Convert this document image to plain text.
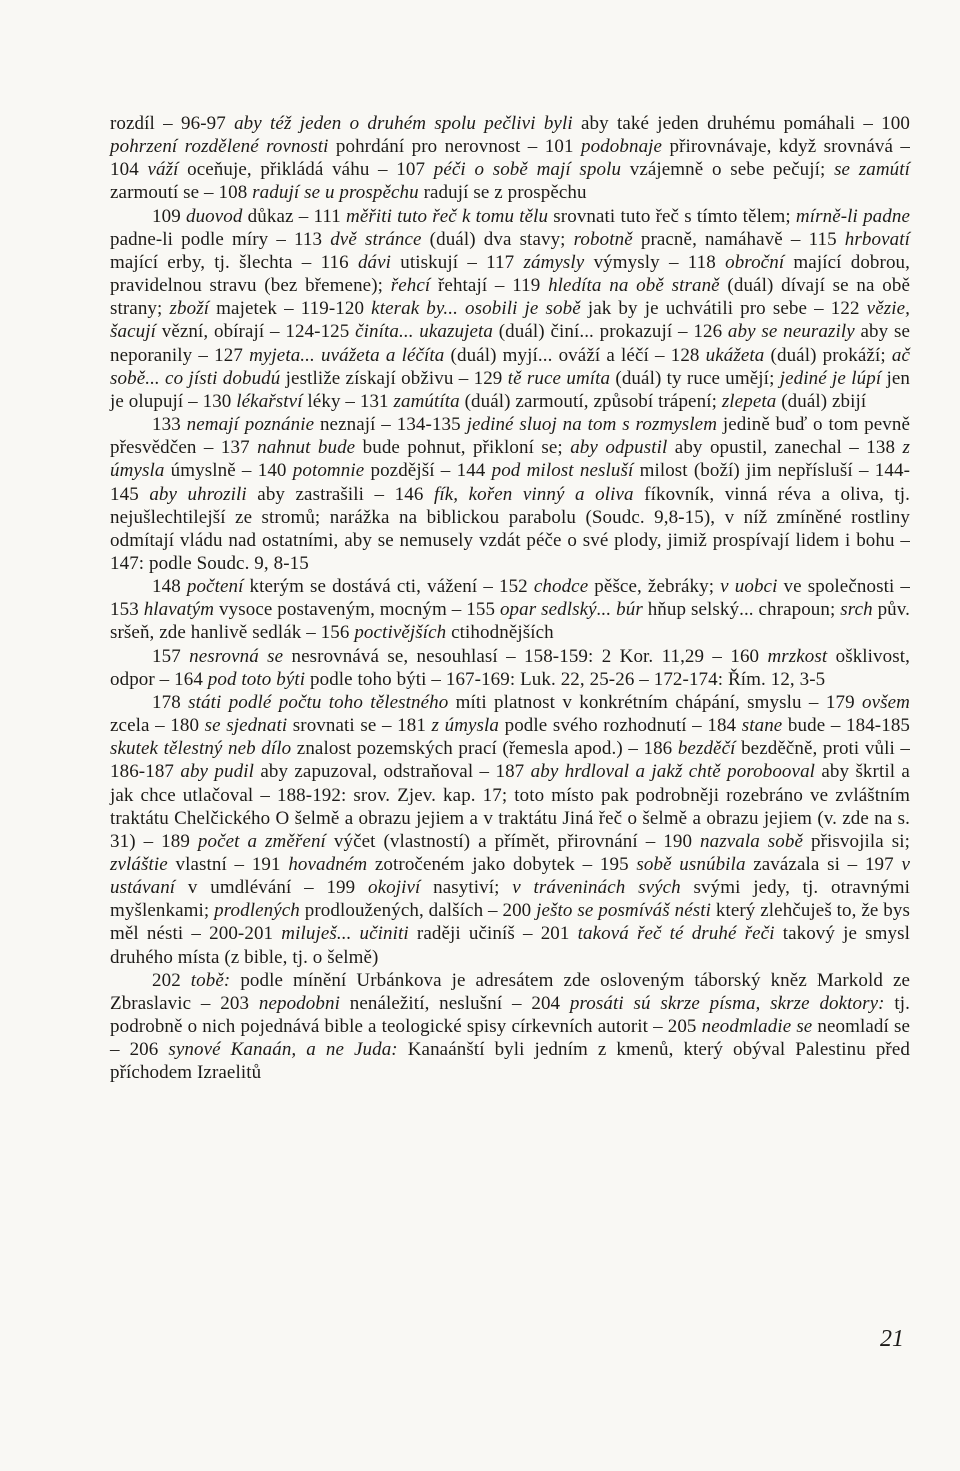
rozdíl – 96-97 aby též jeden o druhém spolu pečlivi byli aby také jeden druhému pomáhali – 100 pohrzení rozdělené rovnosti pohrdání pro nerovnost – 101 podobnaje přirovnávaje, když srovnává – 104 váží oceňuje, přikládá váhu – 107 péči o sobě mají spolu vzájemně o sebe pečují; se zamútí zarmoutí se – 108 radují se u prospěchu radují se z prospěchu

109 duovod důkaz – 111 měřiti tuto řeč k tomu tělu srovnati tuto řeč s tímto tělem; mírně-li padne padne-li podle míry – 113 dvě stránce (duál) dva stavy; robotně pracně, namáhavě – 115 hrbovatí mající erby, tj. šlechta – 116 dávi utiskují – 117 zámysly výmysly – 118 obroční mající dobrou, pravidelnou stravu (bez břemene); řehcí řehtají – 119 hledíta na obě straně (duál) dívají se na obě strany; zboží majetek – 119-120 kterak by... osobili je sobě jak by je uchvátili pro sebe – 122 vězie, šacují vězní, obírají – 124-125 činíta... ukazujeta (duál) činí... prokazují – 126 aby se neurazily aby se neporanily – 127 myjeta... uvážeta a léčíta (duál) myjí... ováží a léčí – 128 ukážeta (duál) prokáží; ač sobě... co jísti dobudú jestliže získají obživu – 129 tě ruce umíta (duál) ty ruce umějí; jediné je lúpí jen je olupují – 130 lékařství léky – 131 zamútíta (duál) zarmoutí, způsobí trápení; zlepeta (duál) zbijí

133 nemají poznánie neznají – 134-135 jediné sluoj na tom s rozmyslem jedině buď o tom pevně přesvědčen – 137 nahnut bude bude pohnut, přikloní se; aby odpustil aby opustil, zanechal – 138 z úmysla úmyslně – 140 potomnie pozdější – 144 pod milost nesluší milost (boží) jim nepřísluší – 144-145 aby uhrozili aby zastrašili – 146 fík, kořen vinný a oliva fíkovník, vinná réva a oliva, tj. nejušlechtilejší ze stromů; narážka na biblickou parabolu (Soudc. 9,8-15), v níž zmíněné rostliny odmítají vládu nad ostatními, aby se nemusely vzdát péče o své plody, jimiž prospívají lidem i bohu – 147: podle Soudc. 9, 8-15

148 počtení kterým se dostává cti, vážení – 152 chodce pěšce, žebráky; v uobci ve společnosti – 153 hlavatým vysoce postaveným, mocným – 155 opar sedlský... búr hňup selský... chrapoun; srch pův. sršeň, zde hanlivě sedlák – 156 poctivějších ctihodnějších

157 nesrovná se nesrovnává se, nesouhlasí – 158-159: 2 Kor. 11,29 – 160 mrzkost ošklivost, odpor – 164 pod toto býti podle toho býti – 167-169: Luk. 22, 25-26 – 172-174: Řím. 12, 3-5

178 státi podlé počtu toho tělestného míti platnost v konkrétním chápání, smyslu – 179 ovšem zcela – 180 se sjednati srovnati se – 181 z úmysla podle svého rozhodnutí – 184 stane bude – 184-185 skutek tělestný neb dílo znalost pozemských prací (řemesla apod.) – 186 bezděčí bezděčně, proti vůli – 186-187 aby pudil aby zapuzoval, odstraňoval – 187 aby hrdloval a jakž chtě porobooval aby škrtil a jak chce utlačoval – 188-192: srov. Zjev. kap. 17; toto místo pak podrobněji rozebráno ve zvláštním traktátu Chelčického O šelmě a obrazu jejiem a v traktátu Jiná řeč o šelmě a obrazu jejiem (v. zde na s. 31) – 189 počet a změření výčet (vlastností) a přímět, přirovnání – 190 nazvala sobě přisvojila si; zvláštie vlastní – 191 hovadném zotročeném jako dobytek – 195 sobě usnúbila zavázala si – 197 v ustávaní v umdlévání – 199 okojiví nasytiví; v tráveninách svých svými jedy, tj. otravnými myšlenkami; prodlených prodloužených, dalších – 200 ješto se posmíváš nésti který zlehčuješ to, že bys měl nésti – 200-201 miluješ... učiniti raději učiníš – 201 taková řeč té druhé řeči takový je smysl druhého místa (z bible, tj. o šelmě)

202 tobě: podle mínění Urbánkova je adresátem zde osloveným táborský kněz Markold ze Zbraslavic – 203 nepodobni nenáležití, neslušní – 204 prosáti sú skrze písma, skrze doktory: tj. podrobně o nich pojednává bible a teologické spisy církevních autorit – 205 neodmladie se neomladí se – 206 synové Kanaán, a ne Juda: Kanaánští byli jedním z kmenů, který obýval Palestinu před příchodem Izraelitů

21
